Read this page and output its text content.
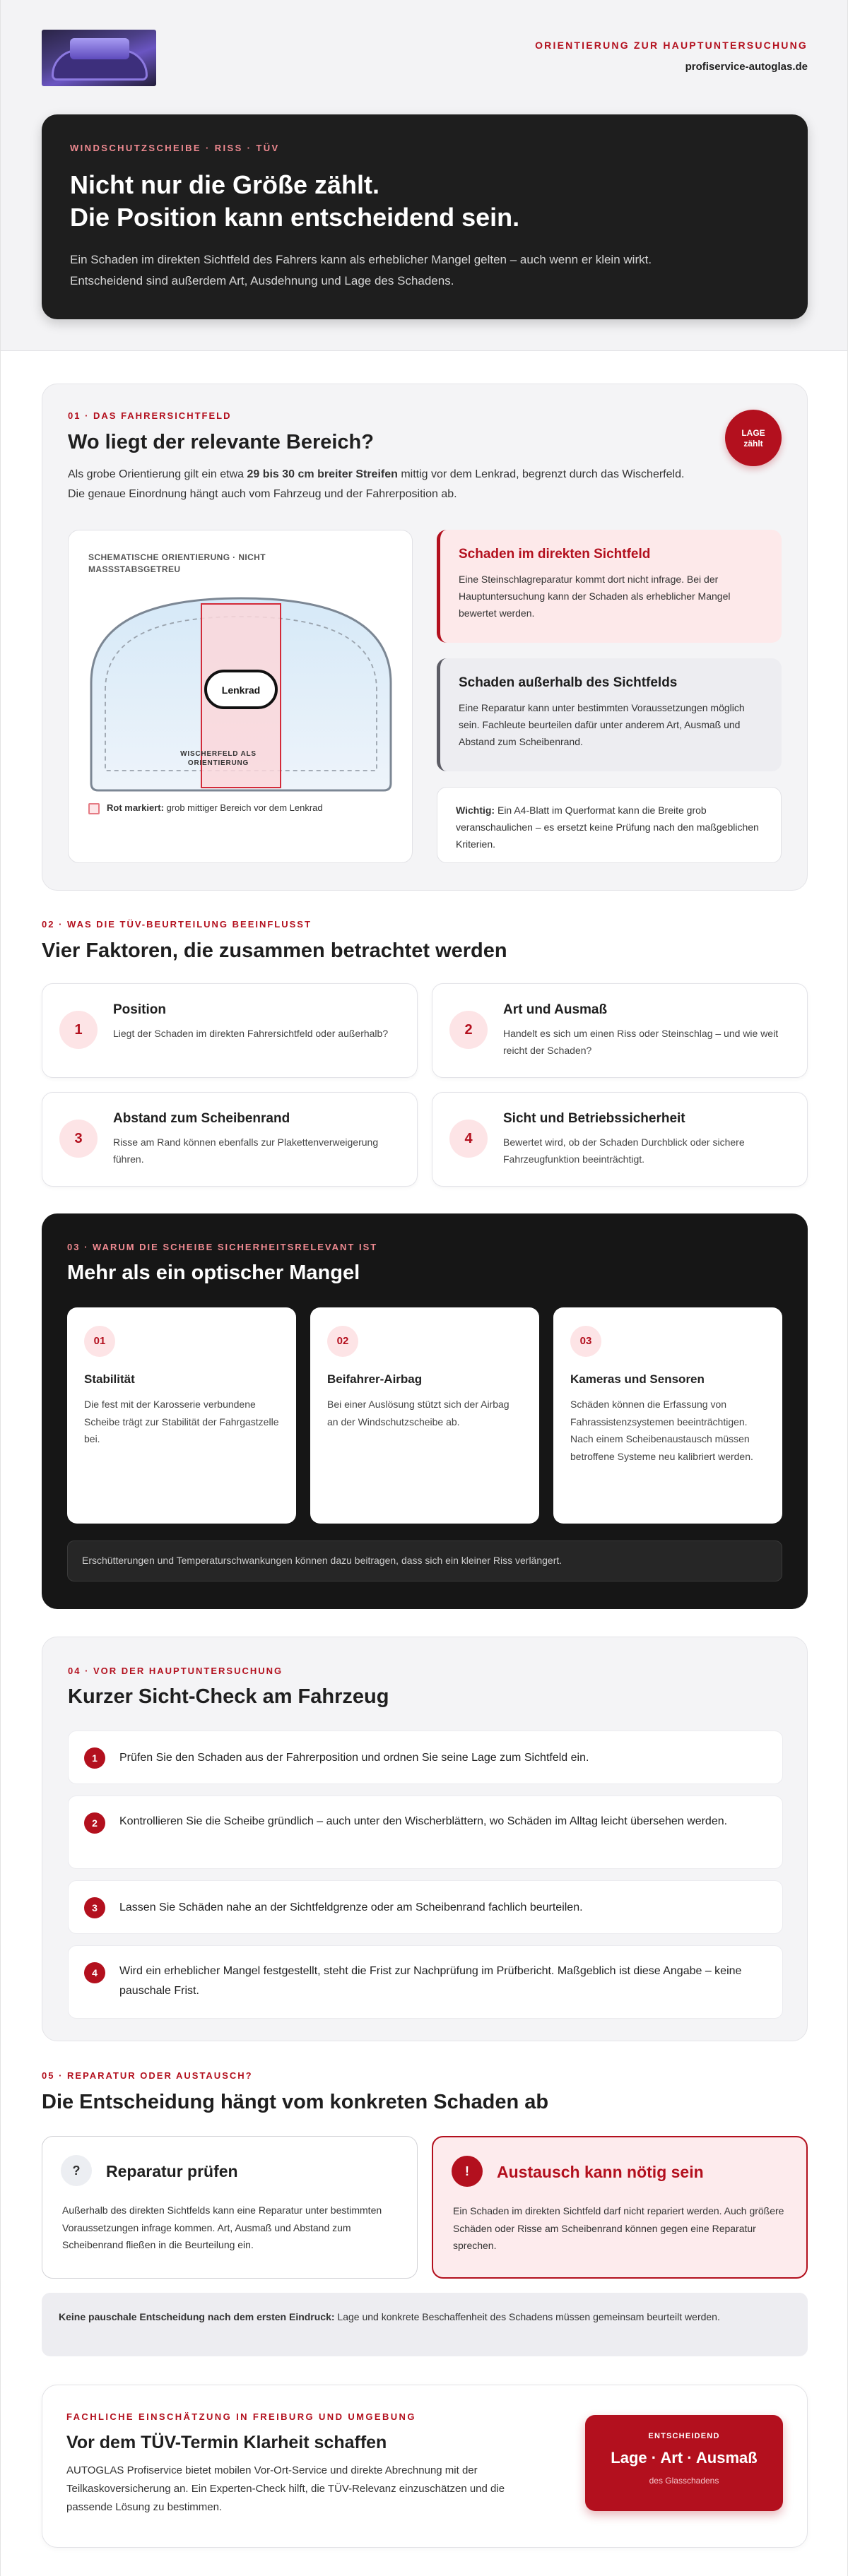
ORIENTIERUNG ZUR HAUPTUNTERSUCHUNG
profiservice-autoglas.de
WINDSCHUTZSCHEIBE · RISS · TÜV
Nicht nur die Größe zählt.
Die Position kann entscheidend sein.

Ein Schaden im direkten Sichtfeld des Fahrers kann als erheblicher Mangel gelten – auch wenn er klein wirkt. Entscheidend sind außerdem Art, Ausdehnung und Lage des Schadens.

01 · DAS FAHRERSICHTFELD
Wo liegt der relevante Bereich?

Als grobe Orientierung gilt ein etwa 29 bis 30 cm breiter Streifen mittig vor dem Lenkrad, begrenzt durch das Wischerfeld. Die genaue Einordnung hängt auch vom Fahrzeug und der Fahrerposition ab.

LAGE
zählt
SCHEMATISCHE ORIENTIERUNG · NICHT MASSSTABSGETREU
Lenkrad
WISCHERFELD ALS
ORIENTIERUNG
Rot markiert: grob mittiger Bereich vor dem Lenkrad
Schaden im direkten Sichtfeld

Eine Steinschlagreparatur kommt dort nicht infrage. Bei der Hauptuntersuchung kann der Schaden als erheblicher Mangel bewertet werden.

Schaden außerhalb des Sichtfelds

Eine Reparatur kann unter bestimmten Voraussetzungen möglich sein. Fachleute beurteilen dafür unter anderem Art, Ausmaß und Abstand zum Scheibenrand.

Wichtig: Ein A4-Blatt im Querformat kann die Breite grob veranschaulichen – es ersetzt keine Prüfung nach den maßgeblichen Kriterien.
02 · WAS DIE TÜV-BEURTEILUNG BEEINFLUSST
Vier Faktoren, die zusammen betrachtet werden
1
Position

Liegt der Schaden im direkten Fahrersichtfeld oder außerhalb?	2
Art und Ausmaß

Handelt es sich um einen Riss oder Steinschlag – und wie weit reicht der Schaden?

3
Abstand zum Scheibenrand

Risse am Rand können ebenfalls zur Plakettenverweigerung führen.

4
Sicht und Betriebssicherheit

Bewertet wird, ob der Schaden Durchblick oder sichere Fahrzeugfunktion beeinträchtigt.

03 · WARUM DIE SCHEIBE SICHERHEITSRELEVANT IST
Mehr als ein optischer Mangel
01
Stabilität

Die fest mit der Karosserie verbundene Scheibe trägt zur Stabilität der Fahrgastzelle bei.

02
Beifahrer-Airbag

Bei einer Auslösung stützt sich der Airbag an der Windschutzscheibe ab.

03
Kameras und Sensoren

Schäden können die Erfassung von Fahrassistenzsystemen beeinträchtigen. Nach einem Scheibenaustausch müssen betroffene Systeme neu kalibriert werden.

Erschütterungen und Temperaturschwankungen können dazu beitragen, dass sich ein kleiner Riss verlängert.
04 · VOR DER HAUPTUNTERSUCHUNG
Kurzer Sicht-Check am Fahrzeug
1	Prüfen Sie den Schaden aus der Fahrerposition und ordnen Sie seine Lage zum Sichtfeld ein.

2	Kontrollieren Sie die Scheibe gründlich – auch unter den Wischerblättern, wo Schäden im Alltag leicht übersehen werden.

3	Lassen Sie Schäden nahe an der Sichtfeldgrenze oder am Scheibenrand fachlich beurteilen.

4	Wird ein erheblicher Mangel festgestellt, steht die Frist zur Nachprüfung im Prüfbericht. Maßgeblich ist diese Angabe – keine pauschale Frist.

05 · REPARATUR ODER AUSTAUSCH?
Die Entscheidung hängt vom konkreten Schaden ab
?	Reparatur prüfen

Außerhalb des direkten Sichtfelds kann eine Reparatur unter bestimmten Voraussetzungen infrage kommen. Art, Ausmaß und Abstand zum Scheibenrand fließen in die Beurteilung ein.

!	Austausch kann nötig sein

Ein Schaden im direkten Sichtfeld darf nicht repariert werden. Auch größere Schäden oder Risse am Scheibenrand können gegen eine Reparatur sprechen.

Keine pauschale Entscheidung nach dem ersten Eindruck: Lage und konkrete Beschaffenheit des Schadens müssen gemeinsam beurteilt werden.
FACHLICHE EINSCHÄTZUNG IN FREIBURG UND UMGEBUNG
Vor dem TÜV-Termin Klarheit schaffen

AUTOGLAS Profiservice bietet mobilen Vor-Ort-Service und direkte Abrechnung mit der Teilkaskoversicherung an. Ein Experten-Check hilft, die TÜV-Relevanz einzuschätzen und die passende Lösung zu bestimmen.

ENTSCHEIDEND
Lage · Art · Ausmaß
des Glasschadens
